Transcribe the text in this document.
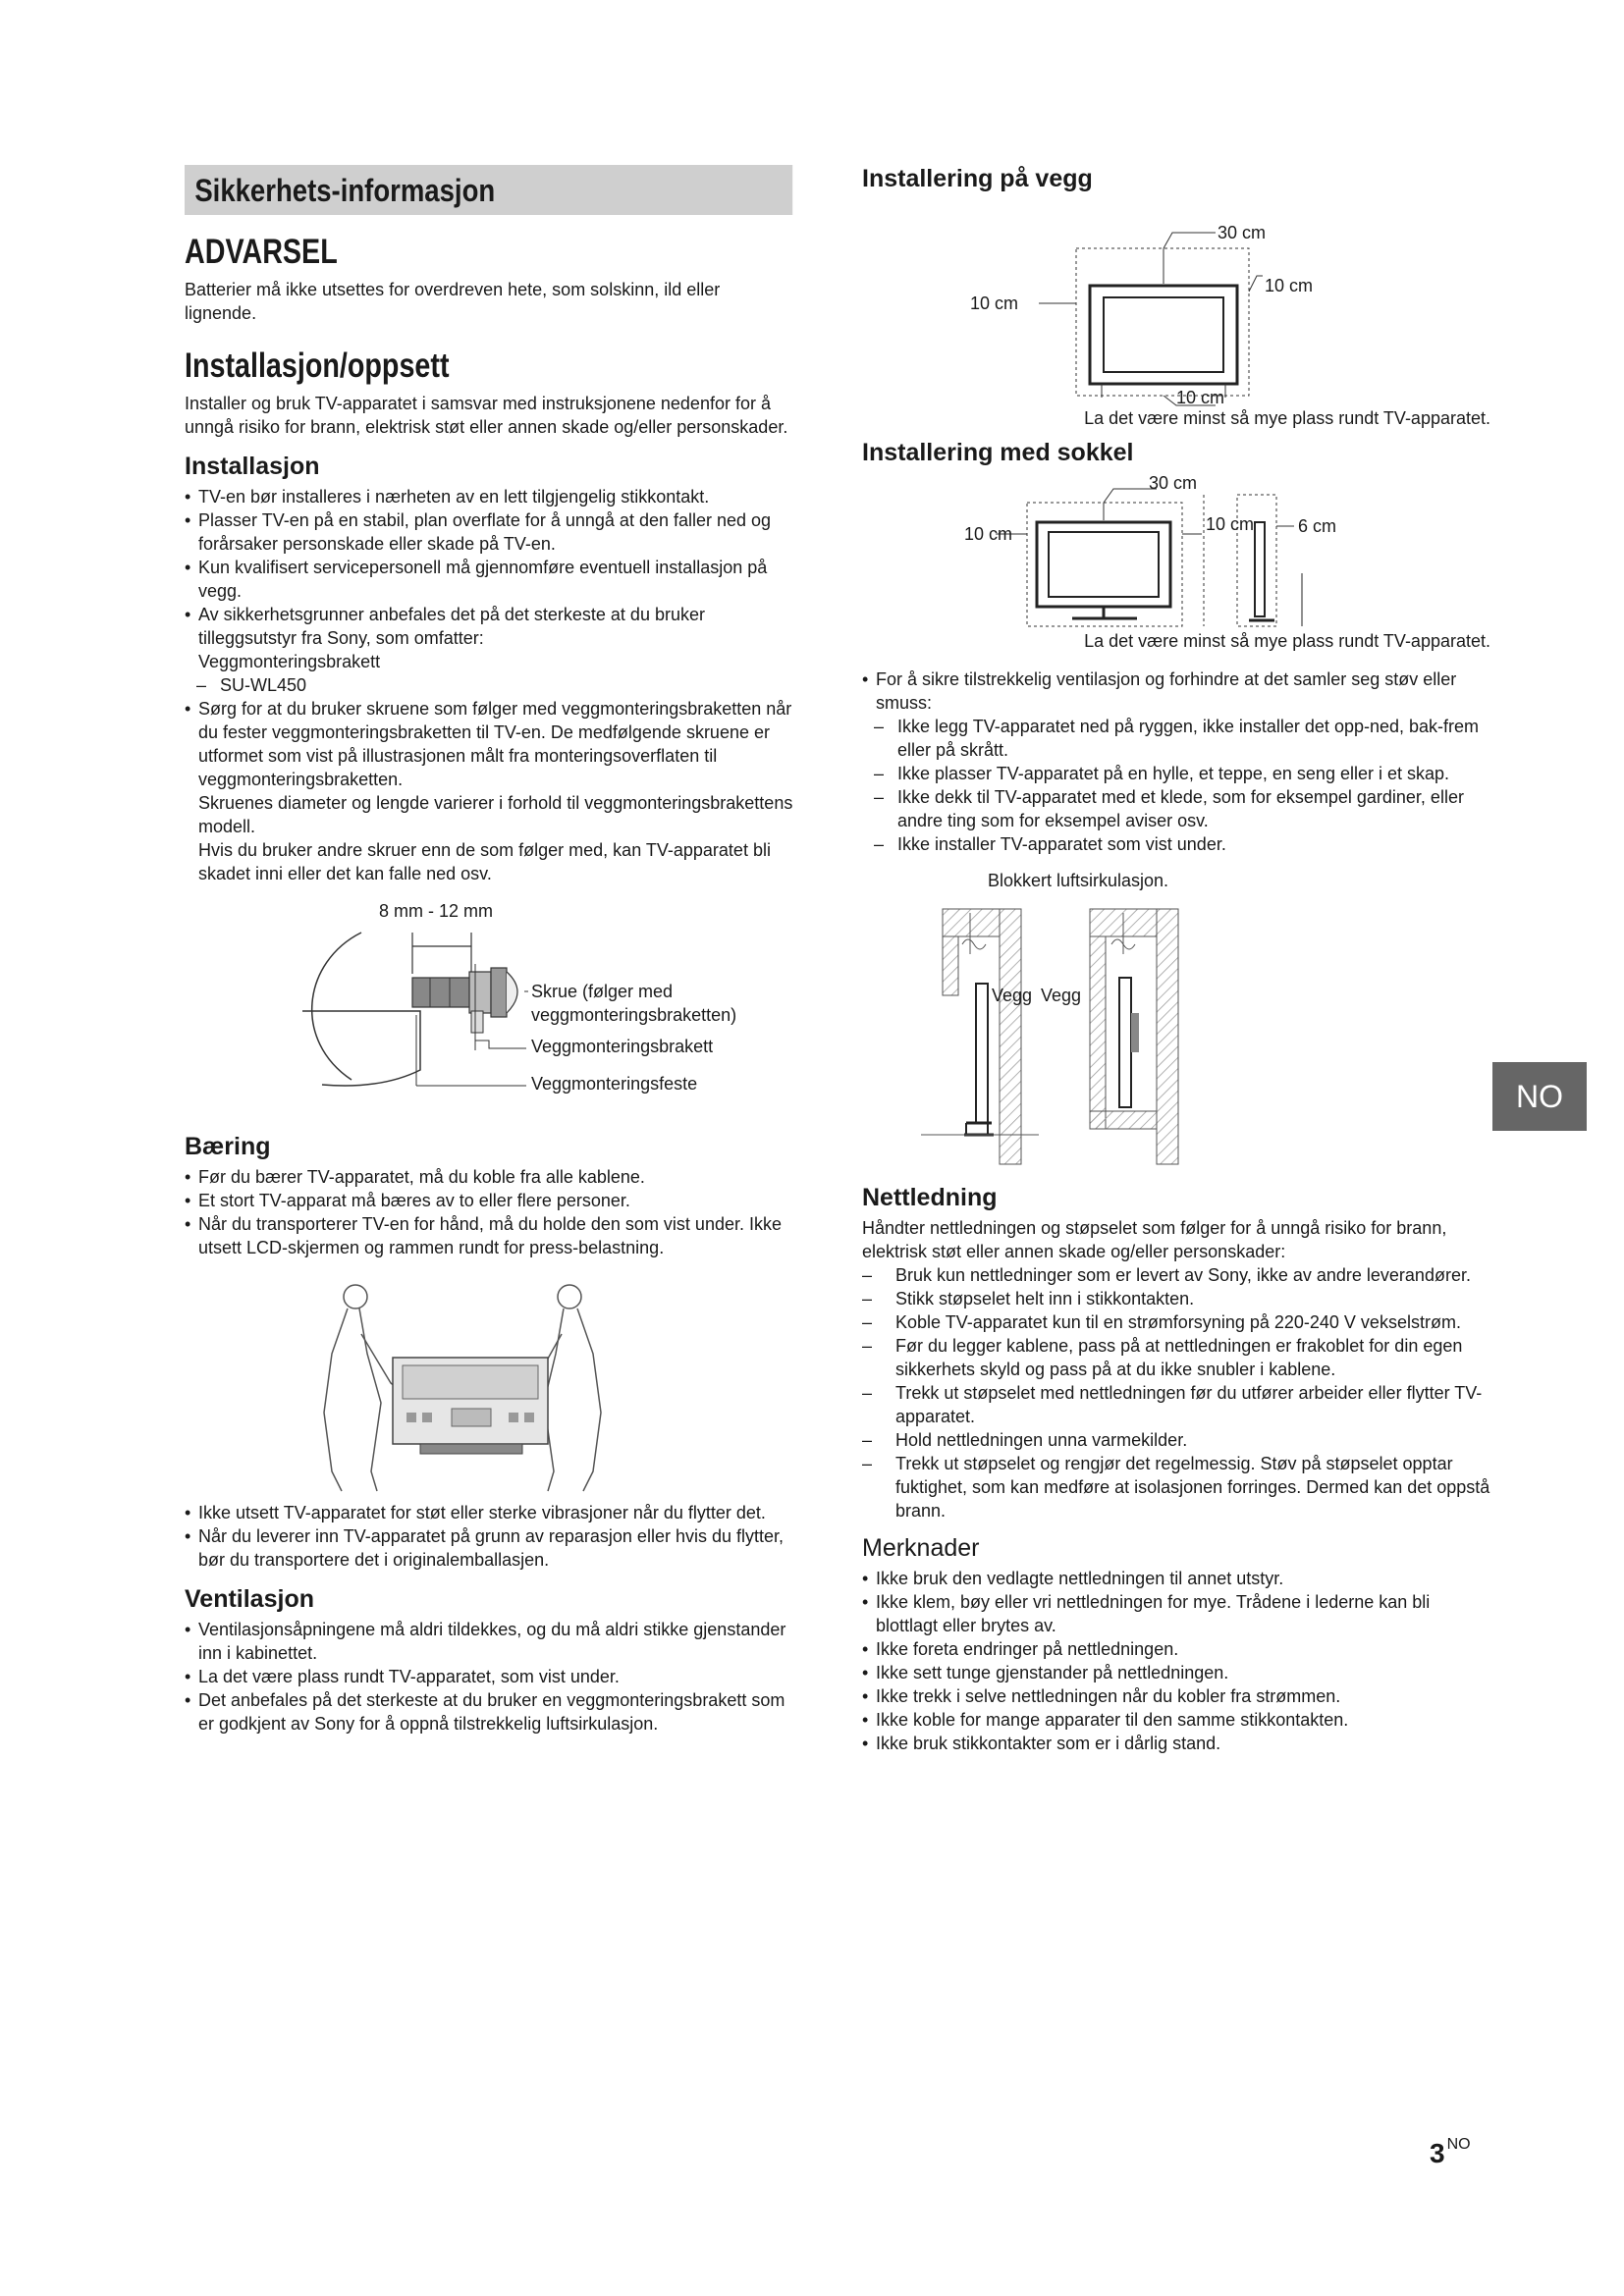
Sikkerhets-informasjon
ADVARSEL

Batterier må ikke utsettes for overdreven hete, som solskinn, ild eller lignende.

Installasjon/oppsett

Installer og bruk TV-apparatet i samsvar med instruksjonene nedenfor for å unngå risiko for brann, elektrisk støt eller annen skade og/eller personskader.

Installasjon
• TV-en bør installeres i nærheten av en lett tilgjengelig stikkontakt.
• Plasser TV-en på en stabil, plan overflate for å unngå at den faller ned og forårsaker personskade eller skade på TV-en.
• Kun kvalifisert servicepersonell må gjennomføre eventuell installasjon på vegg.
• Av sikkerhetsgrunner anbefales det på det sterkeste at du bruker tilleggsutstyr fra Sony, som omfatter:
Veggmonteringsbrakett
– SU-WL450
• Sørg for at du bruker skruene som følger med veggmonteringsbraketten når du fester veggmonteringsbraketten til TV-en. De medfølgende skruene er utformet som vist på illustrasjonen målt fra monteringsoverflaten til veggmonteringsbraketten.
Skruenes diameter og lengde varierer i forhold til veggmonteringsbrakettens modell.
Hvis du bruker andre skruer enn de som følger med, kan TV-apparatet bli skadet inni eller det kan falle ned osv.
8 mm - 12 mm
Skrue (følger med
veggmonteringsbraketten)
Veggmonteringsbrakett
Veggmonteringsfeste
Bæring
• Før du bærer TV-apparatet, må du koble fra alle kablene.
• Et stort TV-apparat må bæres av to eller flere personer.
• Når du transporterer TV-en for hånd, må du holde den som vist under. Ikke utsett LCD-skjermen og rammen rundt for press-belastning.
• Ikke utsett TV-apparatet for støt eller sterke vibrasjoner når du flytter det.
• Når du leverer inn TV-apparatet på grunn av reparasjon eller hvis du flytter, bør du transportere det i originalemballasjen.
Ventilasjon
• Ventilasjonsåpningene må aldri tildekkes, og du må aldri stikke gjenstander inn i kabinettet.
• La det være plass rundt TV-apparatet, som vist under.
• Det anbefales på det sterkeste at du bruker en veggmonteringsbrakett som er godkjent av Sony for å oppnå tilstrekkelig luftsirkulasjon.
Installering på vegg
30 cm
10 cm
10 cm
10 cm
La det være minst så mye plass rundt TV-apparatet.
Installering med sokkel
30 cm
10 cm	10 cm 6 cm
La det være minst så mye plass rundt TV-apparatet.
• For å sikre tilstrekkelig ventilasjon og forhindre at det samler seg støv eller smuss:
– Ikke legg TV-apparatet ned på ryggen, ikke installer det opp-ned, bak-frem eller på skrått.
– Ikke plasser TV-apparatet på en hylle, et teppe, en seng eller i et skap.
– Ikke dekk til TV-apparatet med et klede, som for eksempel gardiner, eller andre ting som for eksempel aviser osv.
– Ikke installer TV-apparatet som vist under.
Blokkert luftsirkulasjon.
Vegg Vegg
Nettledning

Håndter nettledningen og støpselet som følger for å unngå risiko for brann, elektrisk støt eller annen skade og/eller personskader:

– Bruk kun nettledninger som er levert av Sony, ikke av andre leverandører.
– Stikk støpselet helt inn i stikkontakten.
– Koble TV-apparatet kun til en strømforsyning på 220-240 V vekselstrøm.
– Før du legger kablene, pass på at nettledningen er frakoblet for din egen sikkerhets skyld og pass på at du ikke snubler i kablene.
– Trekk ut støpselet med nettledningen før du utfører arbeider eller flytter TV-apparatet.
– Hold nettledningen unna varmekilder.
– Trekk ut støpselet og rengjør det regelmessig. Støv på støpselet opptar fuktighet, som kan medføre at isolasjonen forringes. Dermed kan det oppstå brann.
Merknader
• Ikke bruk den vedlagte nettledningen til annet utstyr.
• Ikke klem, bøy eller vri nettledningen for mye. Trådene i lederne kan bli blottlagt eller brytes av.
• Ikke foreta endringer på nettledningen.
• Ikke sett tunge gjenstander på nettledningen.
• Ikke trekk i selve nettledningen når du kobler fra strømmen.
• Ikke koble for mange apparater til den samme stikkontakten.
• Ikke bruk stikkontakter som er i dårlig stand.
NO
3 $^{NO}$
